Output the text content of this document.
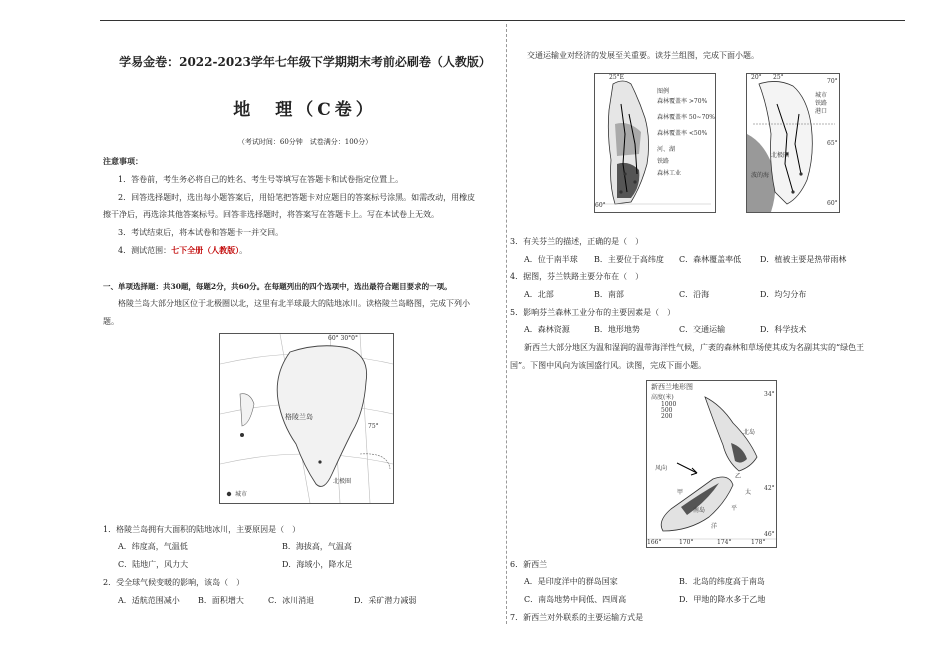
学易金卷：2022-2023学年七年级下学期期末考前必刷卷（人教版）
地　理（C卷）
（考试时间：60分钟　试卷满分：100分）
注意事项：
1．答卷前，考生务必将自己的姓名、考生号等填写在答题卡和试卷指定位置上。
2．回答选择题时，选出每小题答案后，用铅笔把答题卡对应题目的答案标号涂黑。如需改动，用橡皮
擦干净后，再选涂其他答案标号。回答非选择题时，将答案写在答题卡上。写在本试卷上无效。
3．考试结束后，将本试卷和答题卡一并交回。
4．测试范围：七下全册（人教版）。
一、单项选择题：共30题，每题2分，共60分。在每题列出的四个选项中，选出最符合题目要求的一项。
格陵兰岛大部分地区位于北极圈以北，这里有北半球最大的陆地冰川。读格陵兰岛略图，完成下列小
题。
60° 30°0°
75°
格陵兰岛
北极圈
城市
1．格陵兰岛拥有大面积的陆地冰川，主要原因是（　）
A．纬度高，气温低	B．海拔高，气温高
C．陆地广，风力大	D．海域小，降水足
2．受全球气候变暖的影响，该岛（　）
A．适航范围减小 B．面积增大	C．冰川消退	D．采矿潜力减弱
交通运输业对经济的发展至关重要。读芬兰组图，完成下面小题。
25°E
60°
图例
森林覆盖率 >70%
森林覆盖率 50~70%
森林覆盖率 <50%
河、湖
铁路
森林工业
20° 25°
70°
65°
60°
波的海
城市
铁路
港口
北极圈
3．有关芬兰的描述，正确的是（　）
A．位于南半球 B．主要位于高纬度 C．森林覆盖率低 D．植被主要是热带雨林
4．据图，芬兰铁路主要分布在（　）
A．北部	B．南部	C．沿海	D．均匀分布
5．影响芬兰森林工业分布的主要因素是（　）
A．森林资源	B．地形地势	C．交通运输	D．科学技术
新西兰大部分地区为温和湿润的温带海洋性气候，广袤的森林和草场使其成为名副其实的“绿色王
国”。下图中风向为该国盛行风。读图，完成下面小题。
新西兰地形图
高度(米)
1000
500
200
北岛
南岛
风向
甲
乙
太
平
洋
166°	170°	174°	178°
34°
42°
46°
6．新西兰
A．是印度洋中的群岛国家	B．北岛的纬度高于南岛
C．南岛地势中间低、四周高	D．甲地的降水多于乙地
7．新西兰对外联系的主要运输方式是
